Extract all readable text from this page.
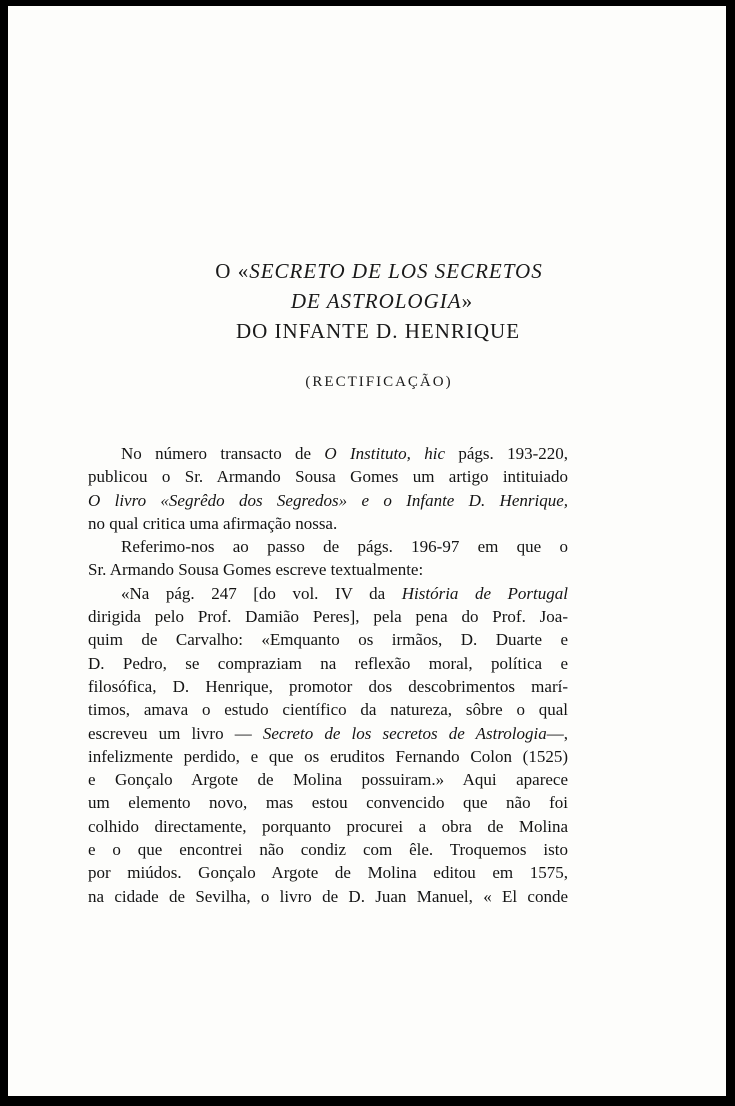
O «SECRETO DE LOS SECRETOS
DE ASTROLOGIA»
DO INFANTE D. HENRIQUE
(RECTIFICAÇÃO)
No número transacto de O Instituto, hic págs. 193-220,
publicou o Sr. Armando Sousa Gomes um artigo intituiado
O livro «Segrêdo dos Segredos» e o Infante D. Henrique,
no qual critica uma afirmação nossa.
Referimo-nos ao passo de págs. 196-97 em que o
Sr. Armando Sousa Gomes escreve textualmente:
«Na pág. 247 [do vol. IV da História de Portugal
dirigida pelo Prof. Damião Peres], pela pena do Prof. Joa-
quim de Carvalho: «Emquanto os irmãos, D. Duarte e
D. Pedro, se compraziam na reflexão moral, política e
filosófica, D. Henrique, promotor dos descobrimentos marí-
timos, amava o estudo científico da natureza, sôbre o qual
escreveu um livro — Secreto de los secretos de Astrologia—,
infelizmente perdido, e que os eruditos Fernando Colon (1525)
e Gonçalo Argote de Molina possuiram.» Aqui aparece
um elemento novo, mas estou convencido que não foi
colhido directamente, porquanto procurei a obra de Molina
e o que encontrei não condiz com êle. Troquemos isto
por miúdos. Gonçalo Argote de Molina editou em 1575,
na cidade de Sevilha, o livro de D. Juan Manuel, « El conde
